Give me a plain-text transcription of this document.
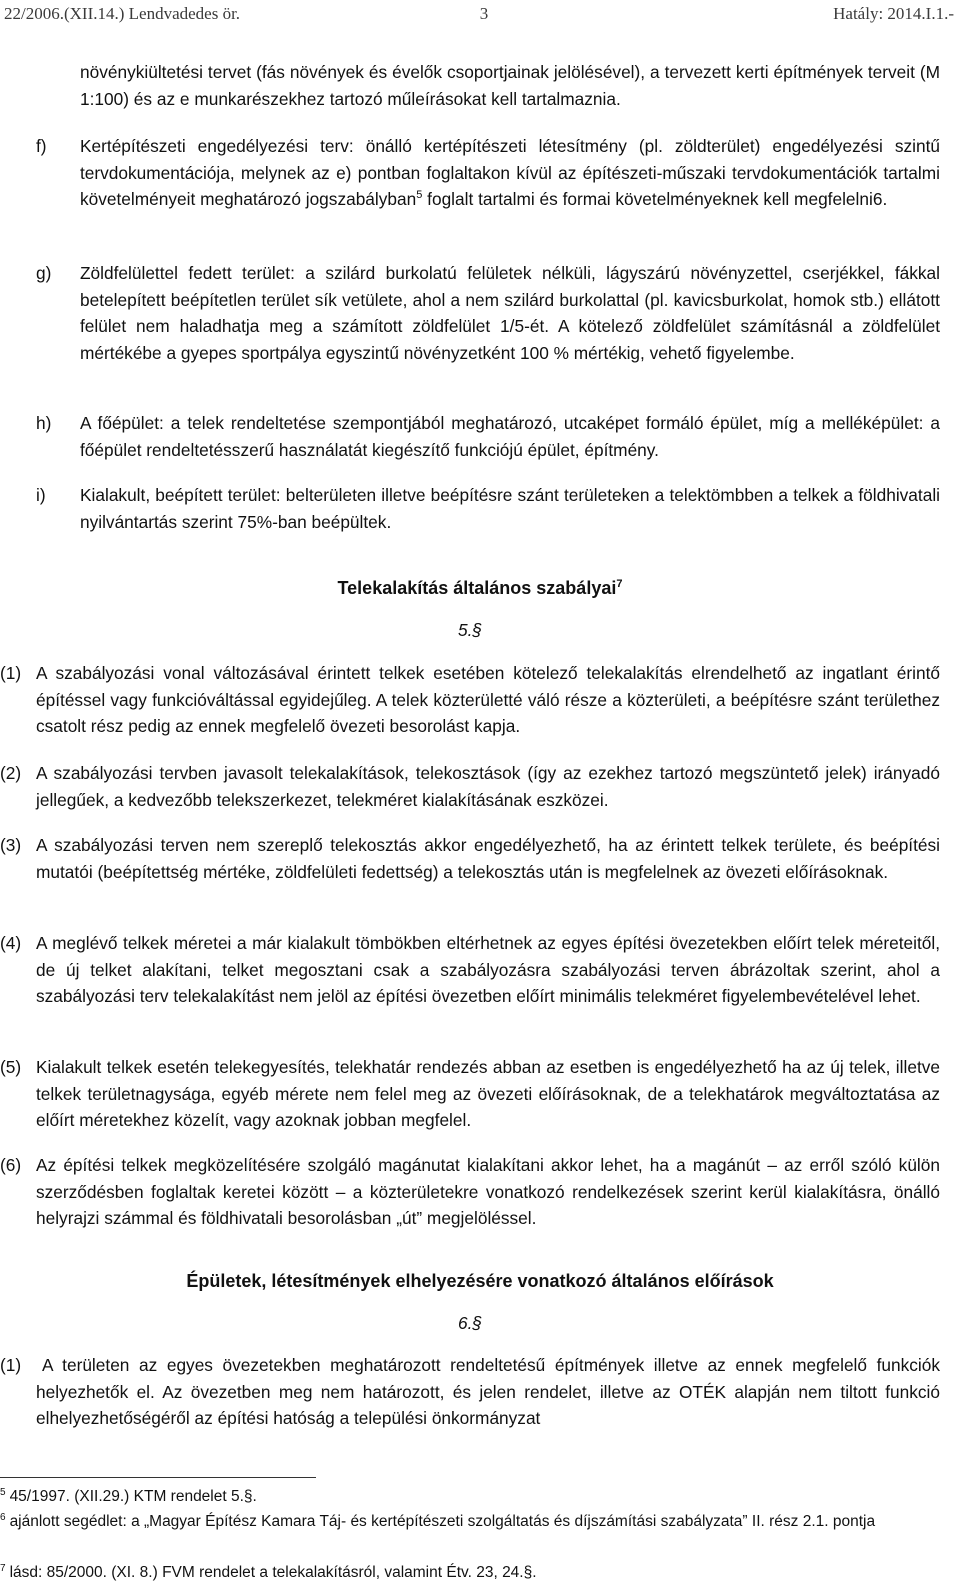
22/2006.(XII.14.) Lendvadedes ör.	3	Hatály: 2014.I.1.-
növénykiültetési tervet (fás növények és évelők csoportjainak jelölésével), a tervezett kerti építmények terveit (M 1:100) és az e munkarészekhez tartozó műleírásokat kell tartalmaznia.
f)	Kertépítészeti engedélyezési terv: önálló kertépítészeti létesítmény (pl. zöldterület) engedélyezési szintű tervdokumentációja, melynek az e) pontban foglaltakon kívül az építészeti-műszaki tervdokumentációk tartalmi követelményeit meghatározó jogszabályban$^5$ foglalt tartalmi és formai követelményeknek kell megfelelni6.
g)	Zöldfelülettel fedett terület: a szilárd burkolatú felületek nélküli, lágyszárú növényzettel, cserjékkel, fákkal betelepített beépítetlen terület sík vetülete, ahol a nem szilárd burkolattal (pl. kavicsburkolat, homok stb.) ellátott felület nem haladhatja meg a számított zöldfelület 1/5-ét. A kötelező zöldfelület számításnál a zöldfelület mértékébe a gyepes sportpálya egyszintű növényzetként 100 % mértékig, vehető figyelembe.
h)	A főépület: a telek rendeltetése szempontjából meghatározó, utcaképet formáló épület, míg a melléképület: a főépület rendeltetésszerű használatát kiegészítő funkciójú épület, építmény.
i)	Kialakult, beépített terület: belterületen illetve beépítésre szánt területeken a telektömbben a telkek a földhivatali nyilvántartás szerint 75%-ban beépültek.
Telekalakítás általános szabályai$^7$
5.§
(1) A szabályozási vonal változásával érintett telkek esetében kötelező telekalakítás elrendelhető az ingatlant érintő építéssel vagy funkcióváltással egyidejűleg. A telek közterületté váló része a közterületi, a beépítésre szánt területhez csatolt rész pedig az ennek megfelelő övezeti besorolást kapja.
(2) A szabályozási tervben javasolt telekalakítások, telekosztások (így az ezekhez tartozó megszüntető jelek) irányadó jellegűek, a kedvezőbb telekszerkezet, telekméret kialakításának eszközei.
(3) A szabályozási terven nem szereplő telekosztás akkor engedélyezhető, ha az érintett telkek területe, és beépítési mutatói (beépítettség mértéke, zöldfelületi fedettség) a telekosztás után is megfelelnek az övezeti előírásoknak.
(4) A meglévő telkek méretei a már kialakult tömbökben eltérhetnek az egyes építési övezetekben előírt telek méreteitől, de új telket alakítani, telket megosztani csak a szabályozásra szabályozási terven ábrázoltak szerint, ahol a szabályozási terv telekalakítást nem jelöl az építési övezetben előírt minimális telekméret figyelembevételével lehet.
(5) Kialakult telkek esetén telekegyesítés, telekhatár rendezés abban az esetben is engedélyezhető ha az új telek, illetve telkek területnagysága, egyéb mérete nem felel meg az övezeti előírásoknak, de a telekhatárok megváltoztatása az előírt méretekhez közelít, vagy azoknak jobban megfelel.
(6) Az építési telkek megközelítésére szolgáló magánutat kialakítani akkor lehet, ha a magánút – az erről szóló külön szerződésben foglaltak keretei között – a közterületekre vonatkozó rendelkezések szerint kerül kialakításra, önálló helyrajzi számmal és földhivatali besorolásban „út” megjelöléssel.
Épületek, létesítmények elhelyezésére vonatkozó általános előírások
6.§
(1)	A területen az egyes övezetekben meghatározott rendeltetésű építmények illetve az ennek megfelelő funkciók helyezhetők el. Az övezetben meg nem határozott, és jelen rendelet, illetve az OTÉK alapján nem tiltott funkció elhelyezhetőségéről az építési hatóság a települési önkormányzat
$^5$ 45/1997. (XII.29.) KTM rendelet 5.§.
$^6$ ajánlott segédlet: a „Magyar Építész Kamara Táj- és kertépítészeti szolgáltatás és díjszámítási szabályzata” II. rész 2.1. pontja
$^7$ lásd: 85/2000. (XI. 8.) FVM rendelet a telekalakításról, valamint Étv. 23, 24.§.
